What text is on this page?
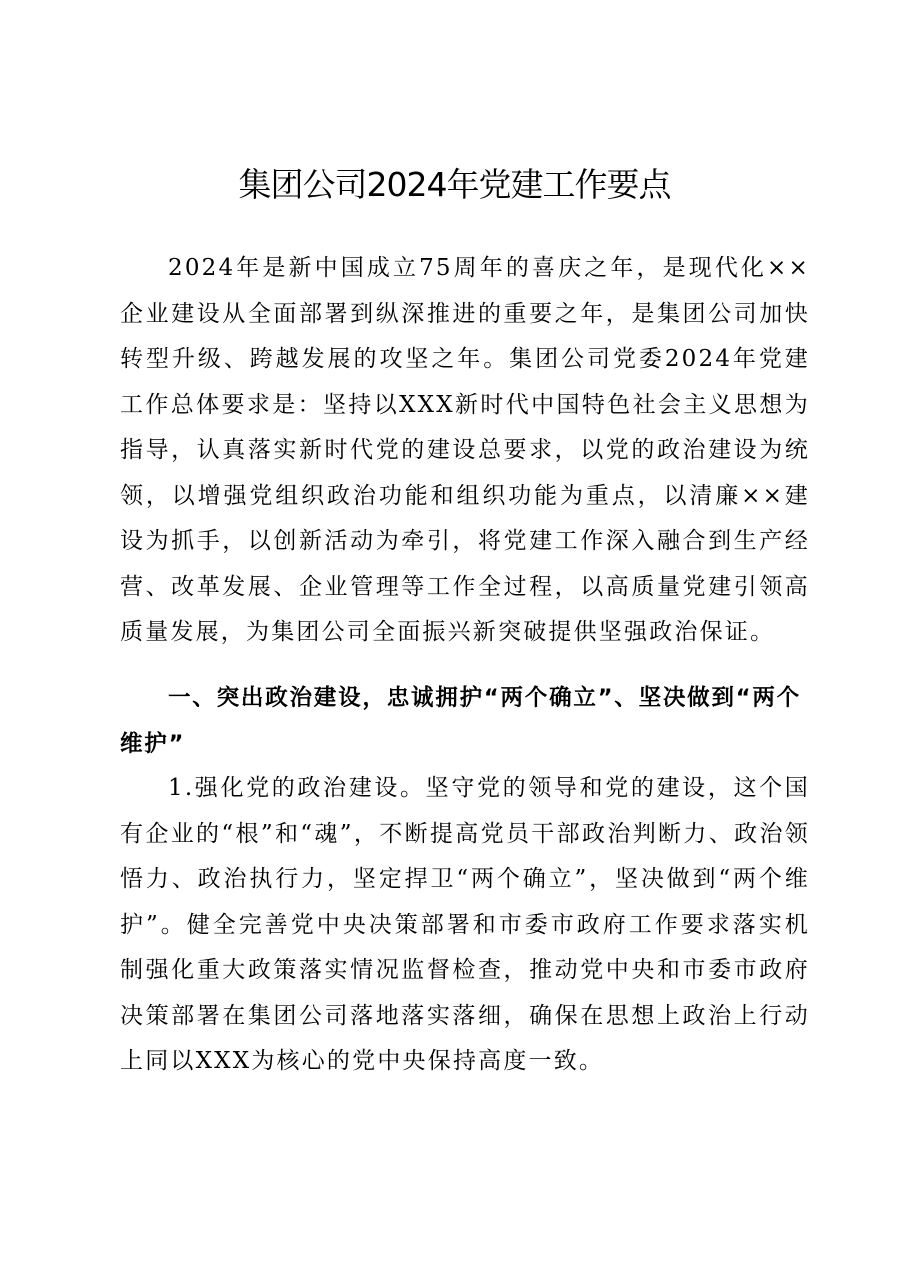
集团公司2024年党建工作要点

2024年是新中国成立75周年的喜庆之年，是现代化××企业建设从全面部署到纵深推进的重要之年，是集团公司加快转型升级、跨越发展的攻坚之年。集团公司党委2024年党建工作总体要求是：坚持以XXX新时代中国特色社会主义思想为指导，认真落实新时代党的建设总要求，以党的政治建设为统领，以增强党组织政治功能和组织功能为重点，以清廉××建设为抓手，以创新活动为牵引，将党建工作深入融合到生产经营、改革发展、企业管理等工作全过程，以高质量党建引领高质量发展，为集团公司全面振兴新突破提供坚强政治保证。

一、突出政治建设，忠诚拥护“两个确立”、坚决做到“两个维护”

1.强化党的政治建设。坚守党的领导和党的建设，这个国有企业的“根”和“魂”，不断提高党员干部政治判断力、政治领悟力、政治执行力，坚定捍卫“两个确立”，坚决做到“两个维护”。健全完善党中央决策部署和市委市政府工作要求落实机制强化重大政策落实情况监督检查，推动党中央和市委市政府决策部署在集团公司落地落实落细，确保在思想上政治上行动上同以XXX为核心的党中央保持高度一致。
